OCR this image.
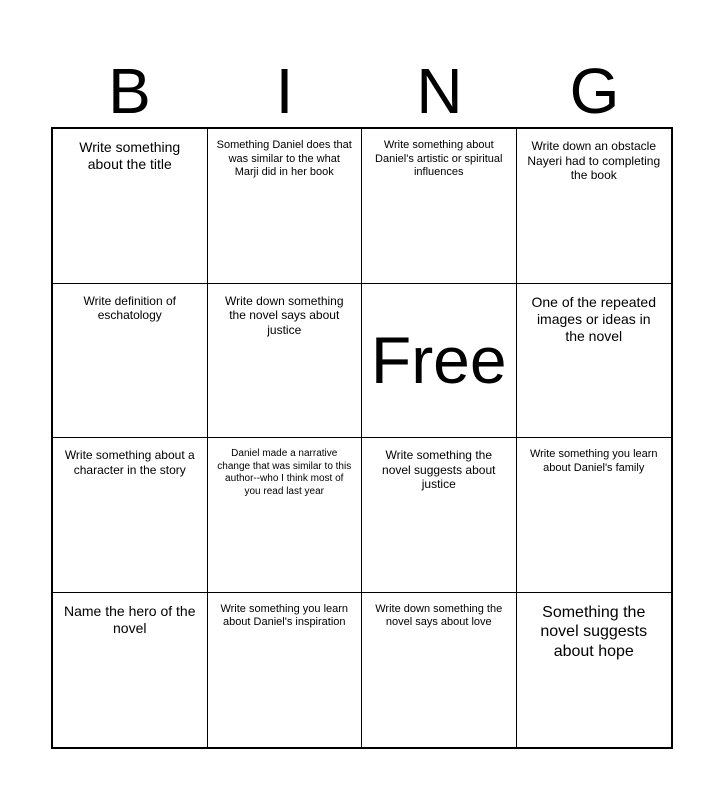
B	I	N	G
Write something about the title
Something Daniel does that was similar to the what Marji did in her book
Write something about Daniel's artistic or spiritual influences
Write down an obstacle Nayeri had to completing the book
Write definition of eschatology
Write down something the novel says about justice	Free
One of the repeated images or ideas in the novel
Write something about a character in the story
Daniel made a narrative change that was similar to this author--who I think most of you read last year
Write something the novel suggests about justice
Write something you learn about Daniel's family
Name the hero of the novel
Write something you learn about Daniel's inspiration
Write down something the novel says about love
Something the novel suggests about hope
